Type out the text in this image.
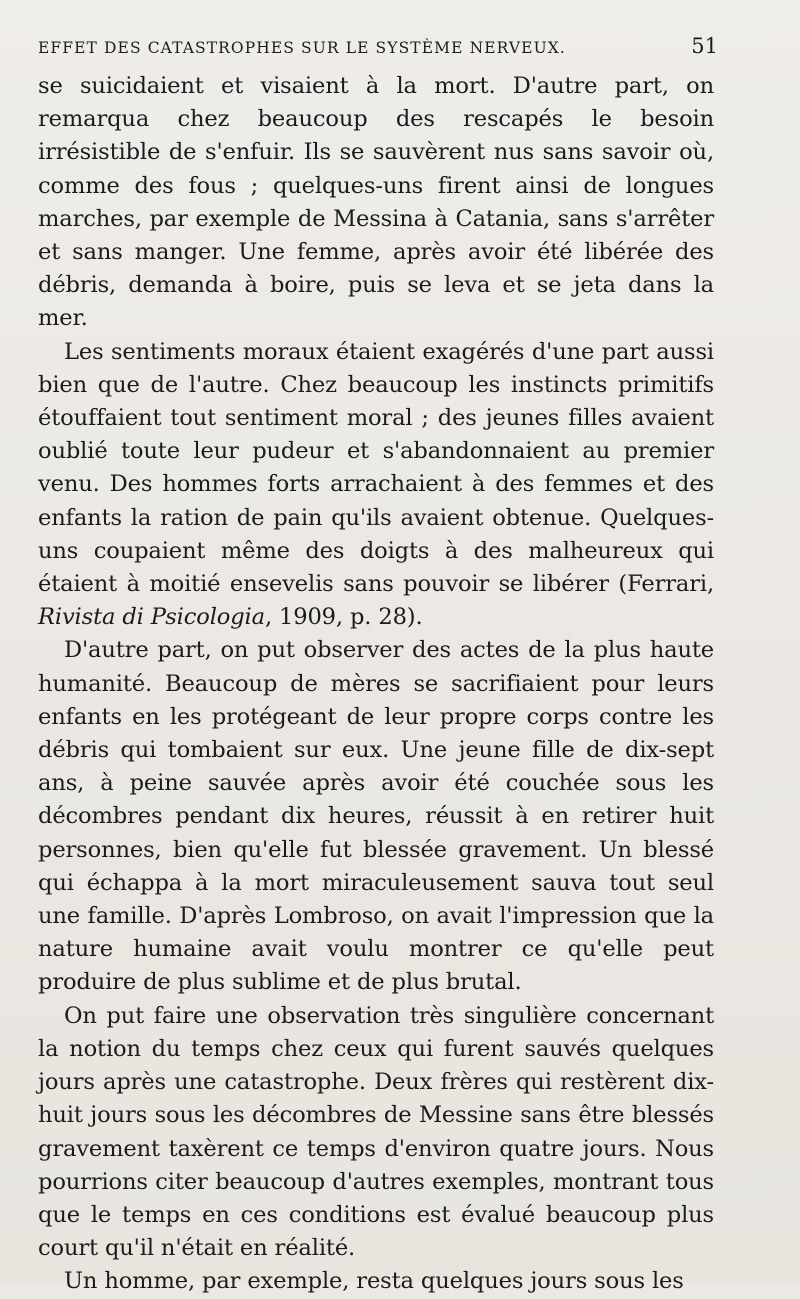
EFFET DES CATASTROPHES SUR LE SYSTÈME NERVEUX.	51

se suicidaient et visaient à la mort. D'autre part, on remarqua chez beaucoup des rescapés le besoin irrésistible de s'enfuir. Ils se sauvèrent nus sans savoir où, comme des fous ; quelques-uns firent ainsi de longues marches, par exemple de Messina à Catania, sans s'arrêter et sans manger. Une femme, après avoir été libérée des débris, demanda à boire, puis se leva et se jeta dans la mer.

Les sentiments moraux étaient exagérés d'une part aussi bien que de l'autre. Chez beaucoup les instincts primitifs étouffaient tout sentiment moral ; des jeunes filles avaient oublié toute leur pudeur et s'abandonnaient au premier venu. Des hommes forts arrachaient à des femmes et des enfants la ration de pain qu'ils avaient obtenue. Quelques-uns coupaient même des doigts à des malheureux qui étaient à moitié ensevelis sans pouvoir se libérer (Ferrari, Rivista di Psicologia, 1909, p. 28).

D'autre part, on put observer des actes de la plus haute humanité. Beaucoup de mères se sacrifiaient pour leurs enfants en les protégeant de leur propre corps contre les débris qui tombaient sur eux. Une jeune fille de dix-sept ans, à peine sauvée après avoir été couchée sous les décombres pendant dix heures, réussit à en retirer huit personnes, bien qu'elle fut blessée gravement. Un blessé qui échappa à la mort miraculeusement sauva tout seul une famille. D'après Lombroso, on avait l'impression que la nature humaine avait voulu montrer ce qu'elle peut produire de plus sublime et de plus brutal.

On put faire une observation très singulière concernant la notion du temps chez ceux qui furent sauvés quelques jours après une catastrophe. Deux frères qui restèrent dix-huit jours sous les décombres de Messine sans être blessés gravement taxèrent ce temps d'environ quatre jours. Nous pourrions citer beaucoup d'autres exemples, montrant tous que le temps en ces conditions est évalué beaucoup plus court qu'il n'était en réalité.

Un homme, par exemple, resta quelques jours sous les
